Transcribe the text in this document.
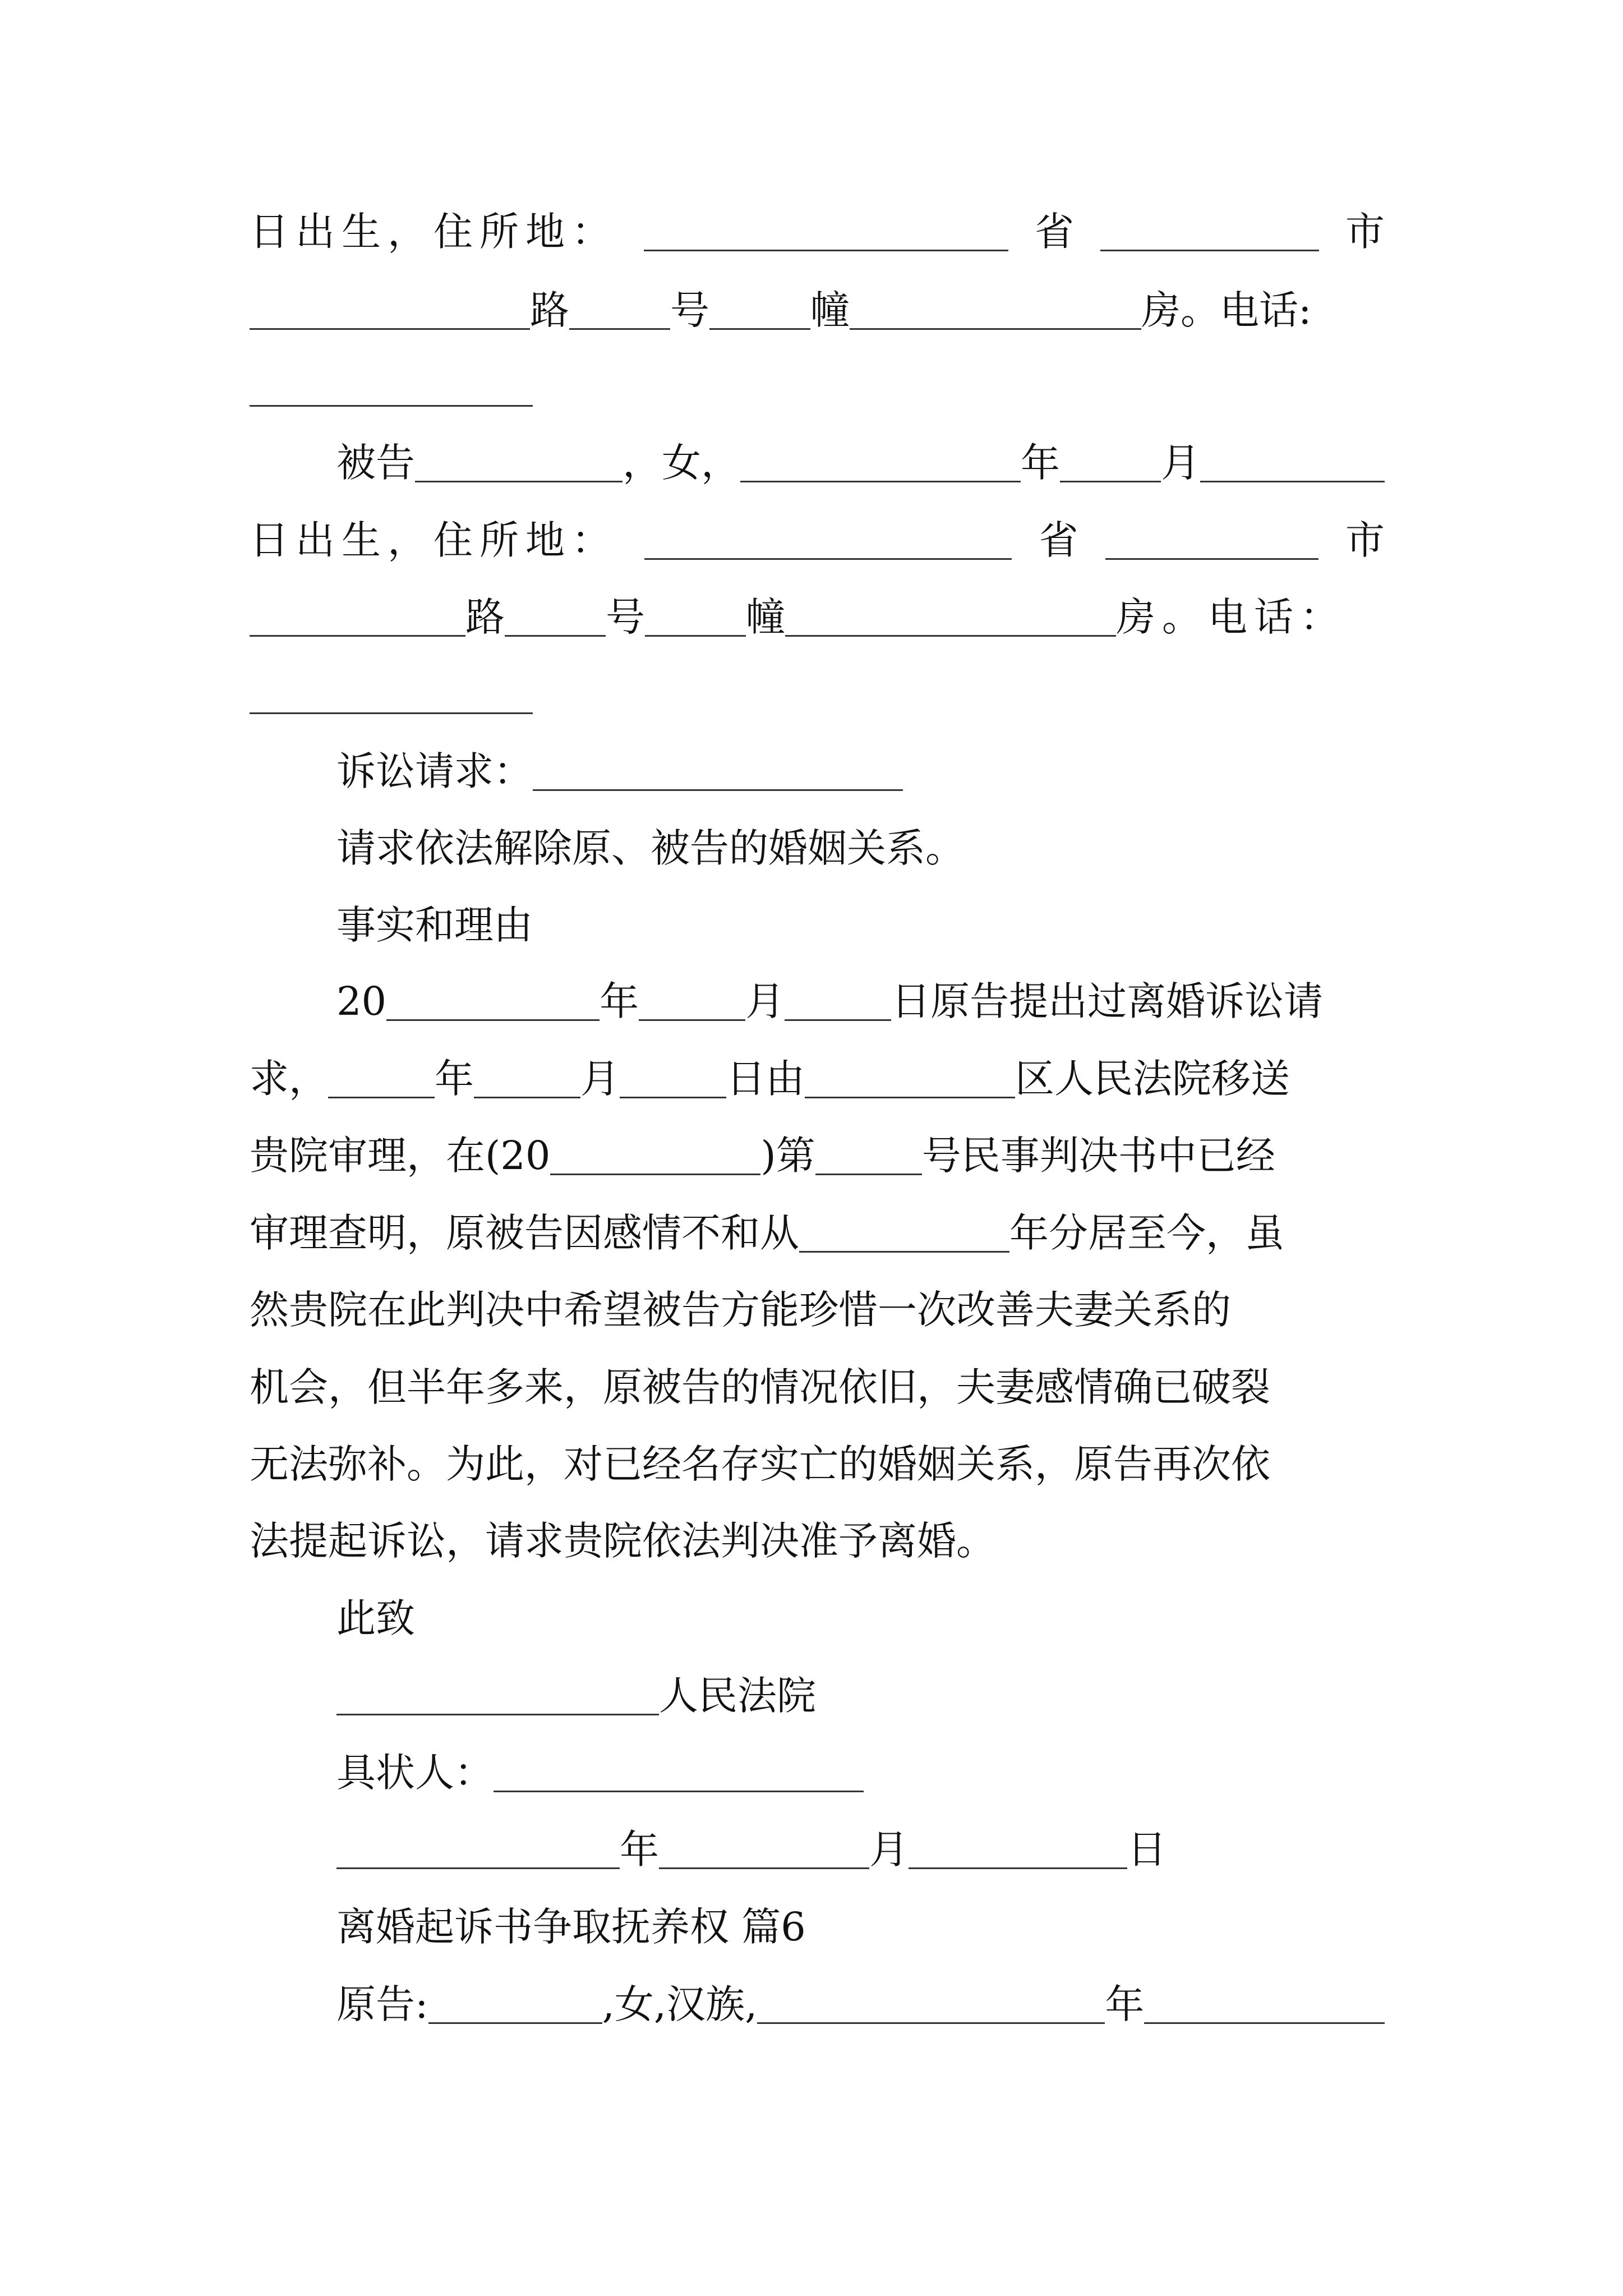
日出生，住所地：	省	市
路	号	幢	房。电话:
被告	，女，	年	月
日出生，住所地：	省	市
路	号	幢	房。电话：
诉讼请求：
请求依法解除原、被告的婚姻关系。
事实和理由
20	年	月	日原告提出过离婚诉讼请
求，	年	月	日由	区人民法院移送
贵院审理，在(20	)第	号民事判决书中已经
审理查明，原被告因感情不和从	年分居至今，虽
然贵院在此判决中希望被告方能珍惜一次改善夫妻关系的
机会，但半年多来，原被告的情况依旧，夫妻感情确已破裂
无法弥补。为此，对已经名存实亡的婚姻关系，原告再次依
法提起诉讼，请求贵院依法判决准予离婚。
此致
人民法院
具状人：
年	月	日
离婚起诉书争取抚养权 篇6
原告:	,女,汉族,	年
